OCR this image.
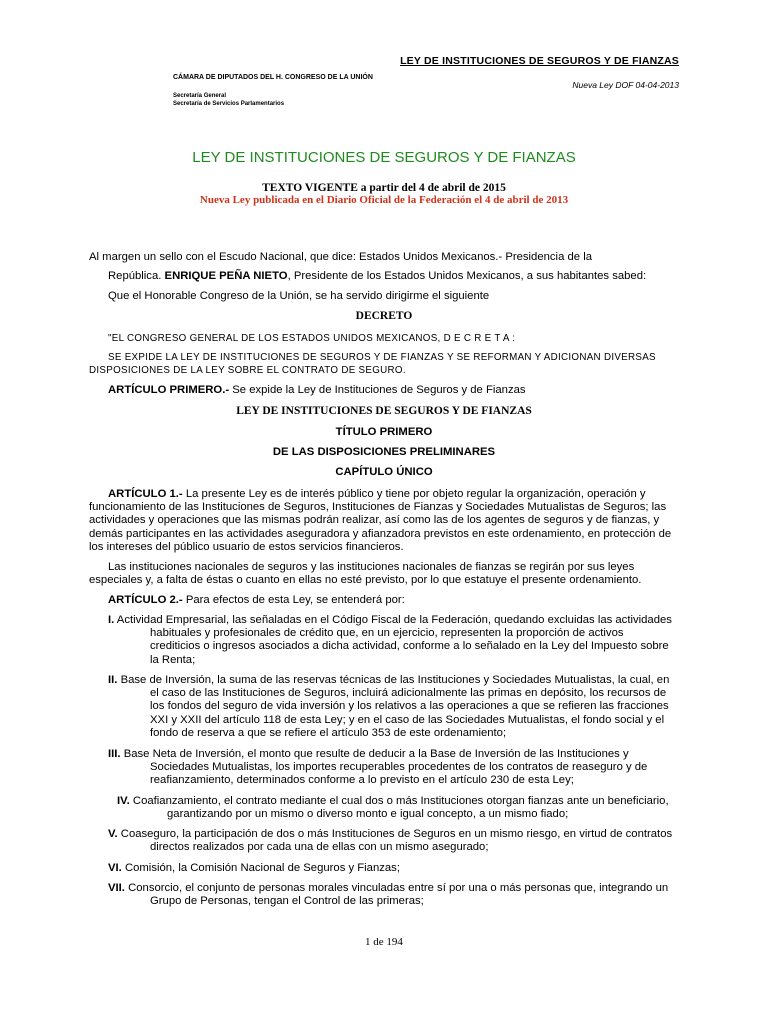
LEY DE INSTITUCIONES DE SEGUROS Y DE FIANZAS
CÁMARA DE DIPUTADOS DEL H. CONGRESO DE LA UNIÓN
Nueva Ley DOF 04-04-2013
Secretaría General
Secretaría de Servicios Parlamentarios
LEY DE INSTITUCIONES DE SEGUROS Y DE FIANZAS
TEXTO VIGENTE a partir del 4 de abril de 2015
Nueva Ley publicada en el Diario Oficial de la Federación el 4 de abril de 2013
Al margen un sello con el Escudo Nacional, que dice: Estados Unidos Mexicanos.- Presidencia de la
República. ENRIQUE PEÑA NIETO, Presidente de los Estados Unidos Mexicanos, a sus habitantes sabed:
Que el Honorable Congreso de la Unión, se ha servido dirigirme el siguiente
DECRETO
"EL CONGRESO GENERAL DE LOS ESTADOS UNIDOS MEXICANOS, D E C R E T A :
SE EXPIDE LA LEY DE INSTITUCIONES DE SEGUROS Y DE FIANZAS Y SE REFORMAN Y ADICIONAN DIVERSAS
DISPOSICIONES DE LA LEY SOBRE EL CONTRATO DE SEGURO.
ARTÍCULO PRIMERO.- Se expide la Ley de Instituciones de Seguros y de Fianzas
LEY DE INSTITUCIONES DE SEGUROS Y DE FIANZAS
TÍTULO PRIMERO
DE LAS DISPOSICIONES PRELIMINARES
CAPÍTULO ÚNICO
ARTÍCULO 1.- La presente Ley es de interés público y tiene por objeto regular la organización, operación y
funcionamiento de las Instituciones de Seguros, Instituciones de Fianzas y Sociedades Mutualistas de Seguros; las
actividades y operaciones que las mismas podrán realizar, así como las de los agentes de seguros y de fianzas, y
demás participantes en las actividades aseguradora y afianzadora previstos en este ordenamiento, en protección de
los intereses del público usuario de estos servicios financieros.
Las instituciones nacionales de seguros y las instituciones nacionales de fianzas se regirán por sus leyes
especiales y, a falta de éstas o cuanto en ellas no esté previsto, por lo que estatuye el presente ordenamiento.
ARTÍCULO 2.- Para efectos de esta Ley, se entenderá por:
I. Actividad Empresarial, las señaladas en el Código Fiscal de la Federación, quedando excluidas las actividades
habituales y profesionales de crédito que, en un ejercicio, representen la proporción de activos
crediticios o ingresos asociados a dicha actividad, conforme a lo señalado en la Ley del Impuesto sobre
la Renta;
II. Base de Inversión, la suma de las reservas técnicas de las Instituciones y Sociedades Mutualistas, la cual, en
el caso de las Instituciones de Seguros, incluirá adicionalmente las primas en depósito, los recursos de
los fondos del seguro de vida inversión y los relativos a las operaciones a que se refieren las fracciones
XXI y XXII del artículo 118 de esta Ley; y en el caso de las Sociedades Mutualistas, el fondo social y el
fondo de reserva a que se refiere el artículo 353 de este ordenamiento;
III. Base Neta de Inversión, el monto que resulte de deducir a la Base de Inversión de las Instituciones y
Sociedades Mutualistas, los importes recuperables procedentes de los contratos de reaseguro y de
reafianzamiento, determinados conforme a lo previsto en el artículo 230 de esta Ley;
IV. Coafianzamiento, el contrato mediante el cual dos o más Instituciones otorgan fianzas ante un beneficiario,
garantizando por un mismo o diverso monto e igual concepto, a un mismo fiado;
V. Coaseguro, la participación de dos o más Instituciones de Seguros en un mismo riesgo, en virtud de contratos
directos realizados por cada una de ellas con un mismo asegurado;
VI. Comisión, la Comisión Nacional de Seguros y Fianzas;
VII. Consorcio, el conjunto de personas morales vinculadas entre sí por una o más personas que, integrando un
Grupo de Personas, tengan el Control de las primeras;
1 de 194
